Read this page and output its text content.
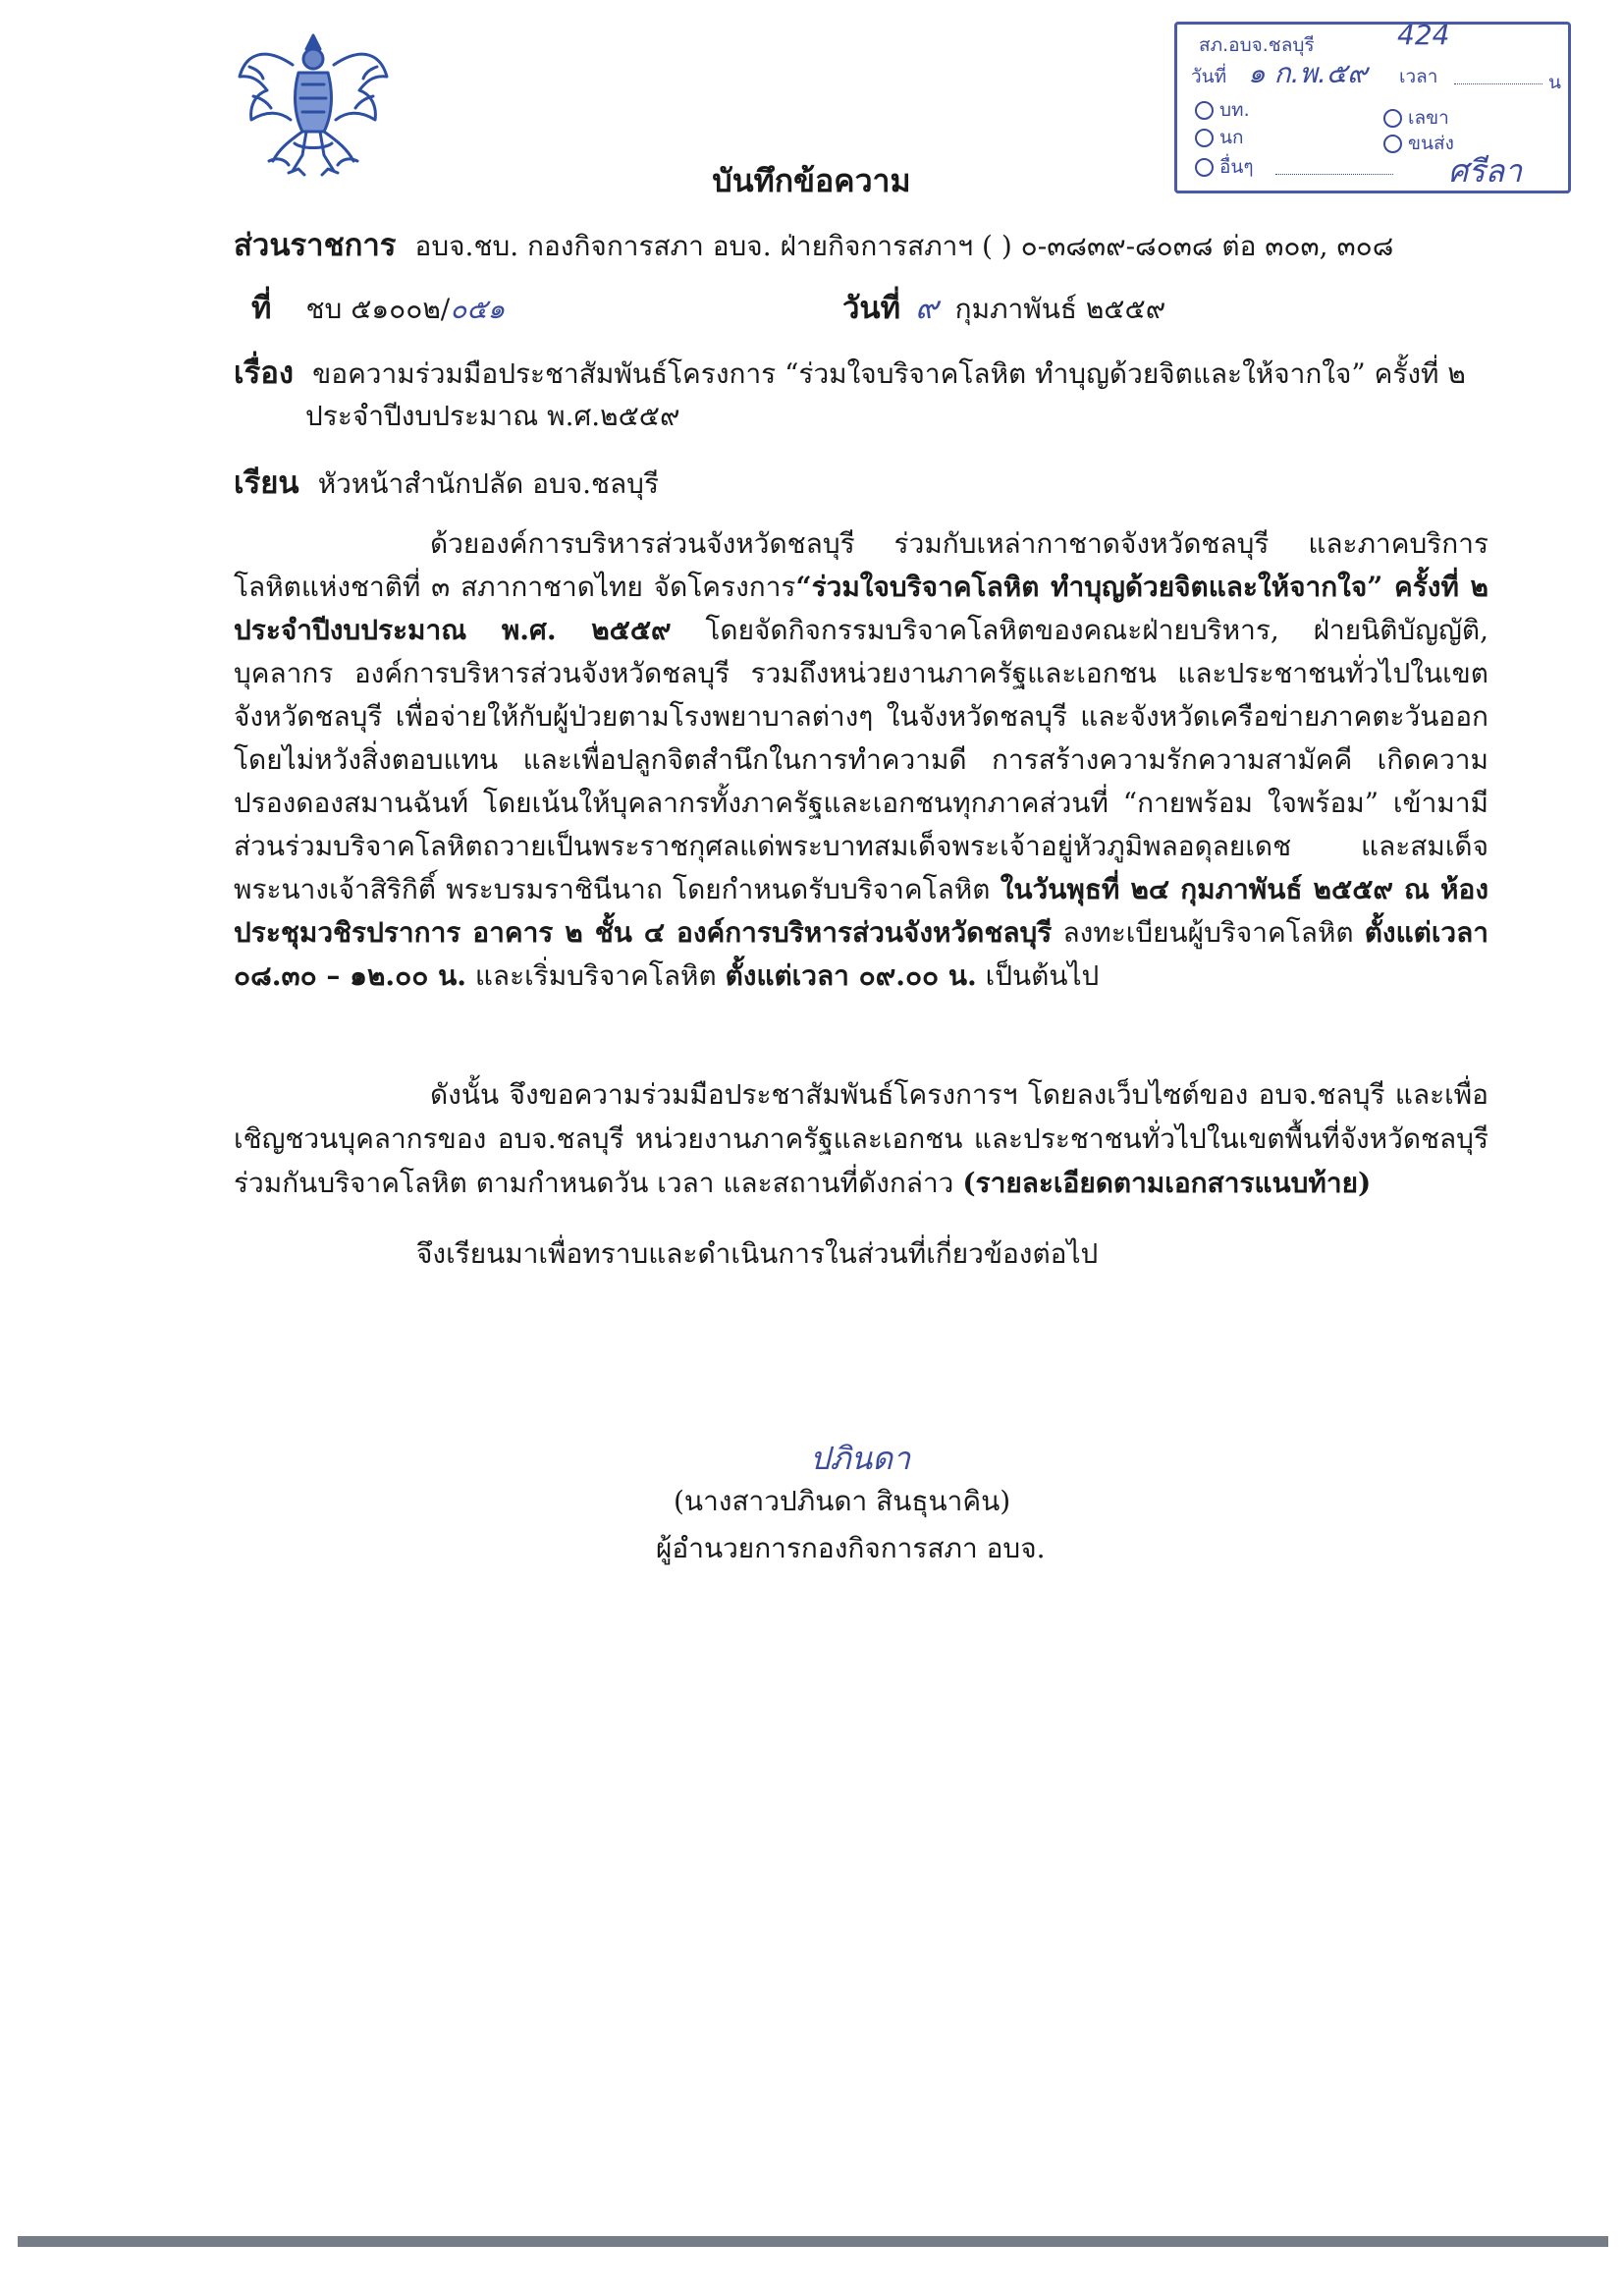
สภ.อบจ.ชลบุรี	424
วันที่ ๑ ก.พ.๕๙ เวลา
	น
บท.	เลขา
นก	ขนส่ง
อื่นๆ
	ศรีลา
บันทึกข้อความ
ส่วนราชการ อบจ.ชบ. กองกิจการสภา อบจ. ฝ่ายกิจการสภาฯ ( ) ๐-๓๘๓๙-๘๐๓๘ ต่อ ๓๐๓, ๓๐๘
ที่ ชบ ๕๑๐๐๒/๐๕๑	วันที่ ๙ กุมภาพันธ์ ๒๕๕๙
เรื่อง ขอความร่วมมือประชาสัมพันธ์โครงการ “ร่วมใจบริจาคโลหิต ทำบุญด้วยจิตและให้จากใจ” ครั้งที่ ๒
ประจำปีงบประมาณ พ.ศ.๒๕๕๙
เรียน หัวหน้าสำนักปลัด อบจ.ชลบุรี
ด้วยองค์การบริหารส่วนจังหวัดชลบุรี ร่วมกับเหล่ากาชาดจังหวัดชลบุรี และภาคบริการโลหิตแห่งชาติที่ ๓ สภากาชาดไทย จัดโครงการ“ร่วมใจบริจาคโลหิต ทำบุญด้วยจิตและให้จากใจ” ครั้งที่ ๒ ประจำปีงบประมาณ พ.ศ. ๒๕๕๙ โดยจัดกิจกรรมบริจาคโลหิตของคณะฝ่ายบริหาร, ฝ่ายนิติบัญญัติ, บุคลากร องค์การบริหารส่วนจังหวัดชลบุรี รวมถึงหน่วยงานภาครัฐและเอกชน และประชาชนทั่วไปในเขตจังหวัดชลบุรี เพื่อจ่ายให้กับผู้ป่วยตามโรงพยาบาลต่างๆ ในจังหวัดชลบุรี และจังหวัดเครือข่ายภาคตะวันออก โดยไม่หวังสิ่งตอบแทน และเพื่อปลูกจิตสำนึกในการทำความดี การสร้างความรักความสามัคคี เกิดความปรองดองสมานฉันท์ โดยเน้นให้บุคลากรทั้งภาครัฐและเอกชนทุกภาคส่วนที่ “กายพร้อม ใจพร้อม” เข้ามามีส่วนร่วมบริจาคโลหิตถวายเป็นพระราชกุศลแด่พระบาทสมเด็จพระเจ้าอยู่หัวภูมิพลอดุลยเดช และสมเด็จพระนางเจ้าสิริกิติ์ พระบรมราชินีนาถ โดยกำหนดรับบริจาคโลหิต ในวันพุธที่ ๒๔ กุมภาพันธ์ ๒๕๕๙ ณ ห้องประชุมวชิรปราการ อาคาร ๒ ชั้น ๔ องค์การบริหารส่วนจังหวัดชลบุรี ลงทะเบียนผู้บริจาคโลหิต ตั้งแต่เวลา ๐๘.๓๐ – ๑๒.๐๐ น. และเริ่มบริจาคโลหิต ตั้งแต่เวลา ๐๙.๐๐ น. เป็นต้นไป
ดังนั้น จึงขอความร่วมมือประชาสัมพันธ์โครงการฯ โดยลงเว็บไซต์ของ อบจ.ชลบุรี และเพื่อเชิญชวนบุคลากรของ อบจ.ชลบุรี หน่วยงานภาครัฐและเอกชน และประชาชนทั่วไปในเขตพื้นที่จังหวัดชลบุรี ร่วมกันบริจาคโลหิต ตามกำหนดวัน เวลา และสถานที่ดังกล่าว (รายละเอียดตามเอกสารแนบท้าย)
จึงเรียนมาเพื่อทราบและดำเนินการในส่วนที่เกี่ยวข้องต่อไป
ปภินดา
(นางสาวปภินดา สินธุนาคิน)
ผู้อำนวยการกองกิจการสภา อบจ.
